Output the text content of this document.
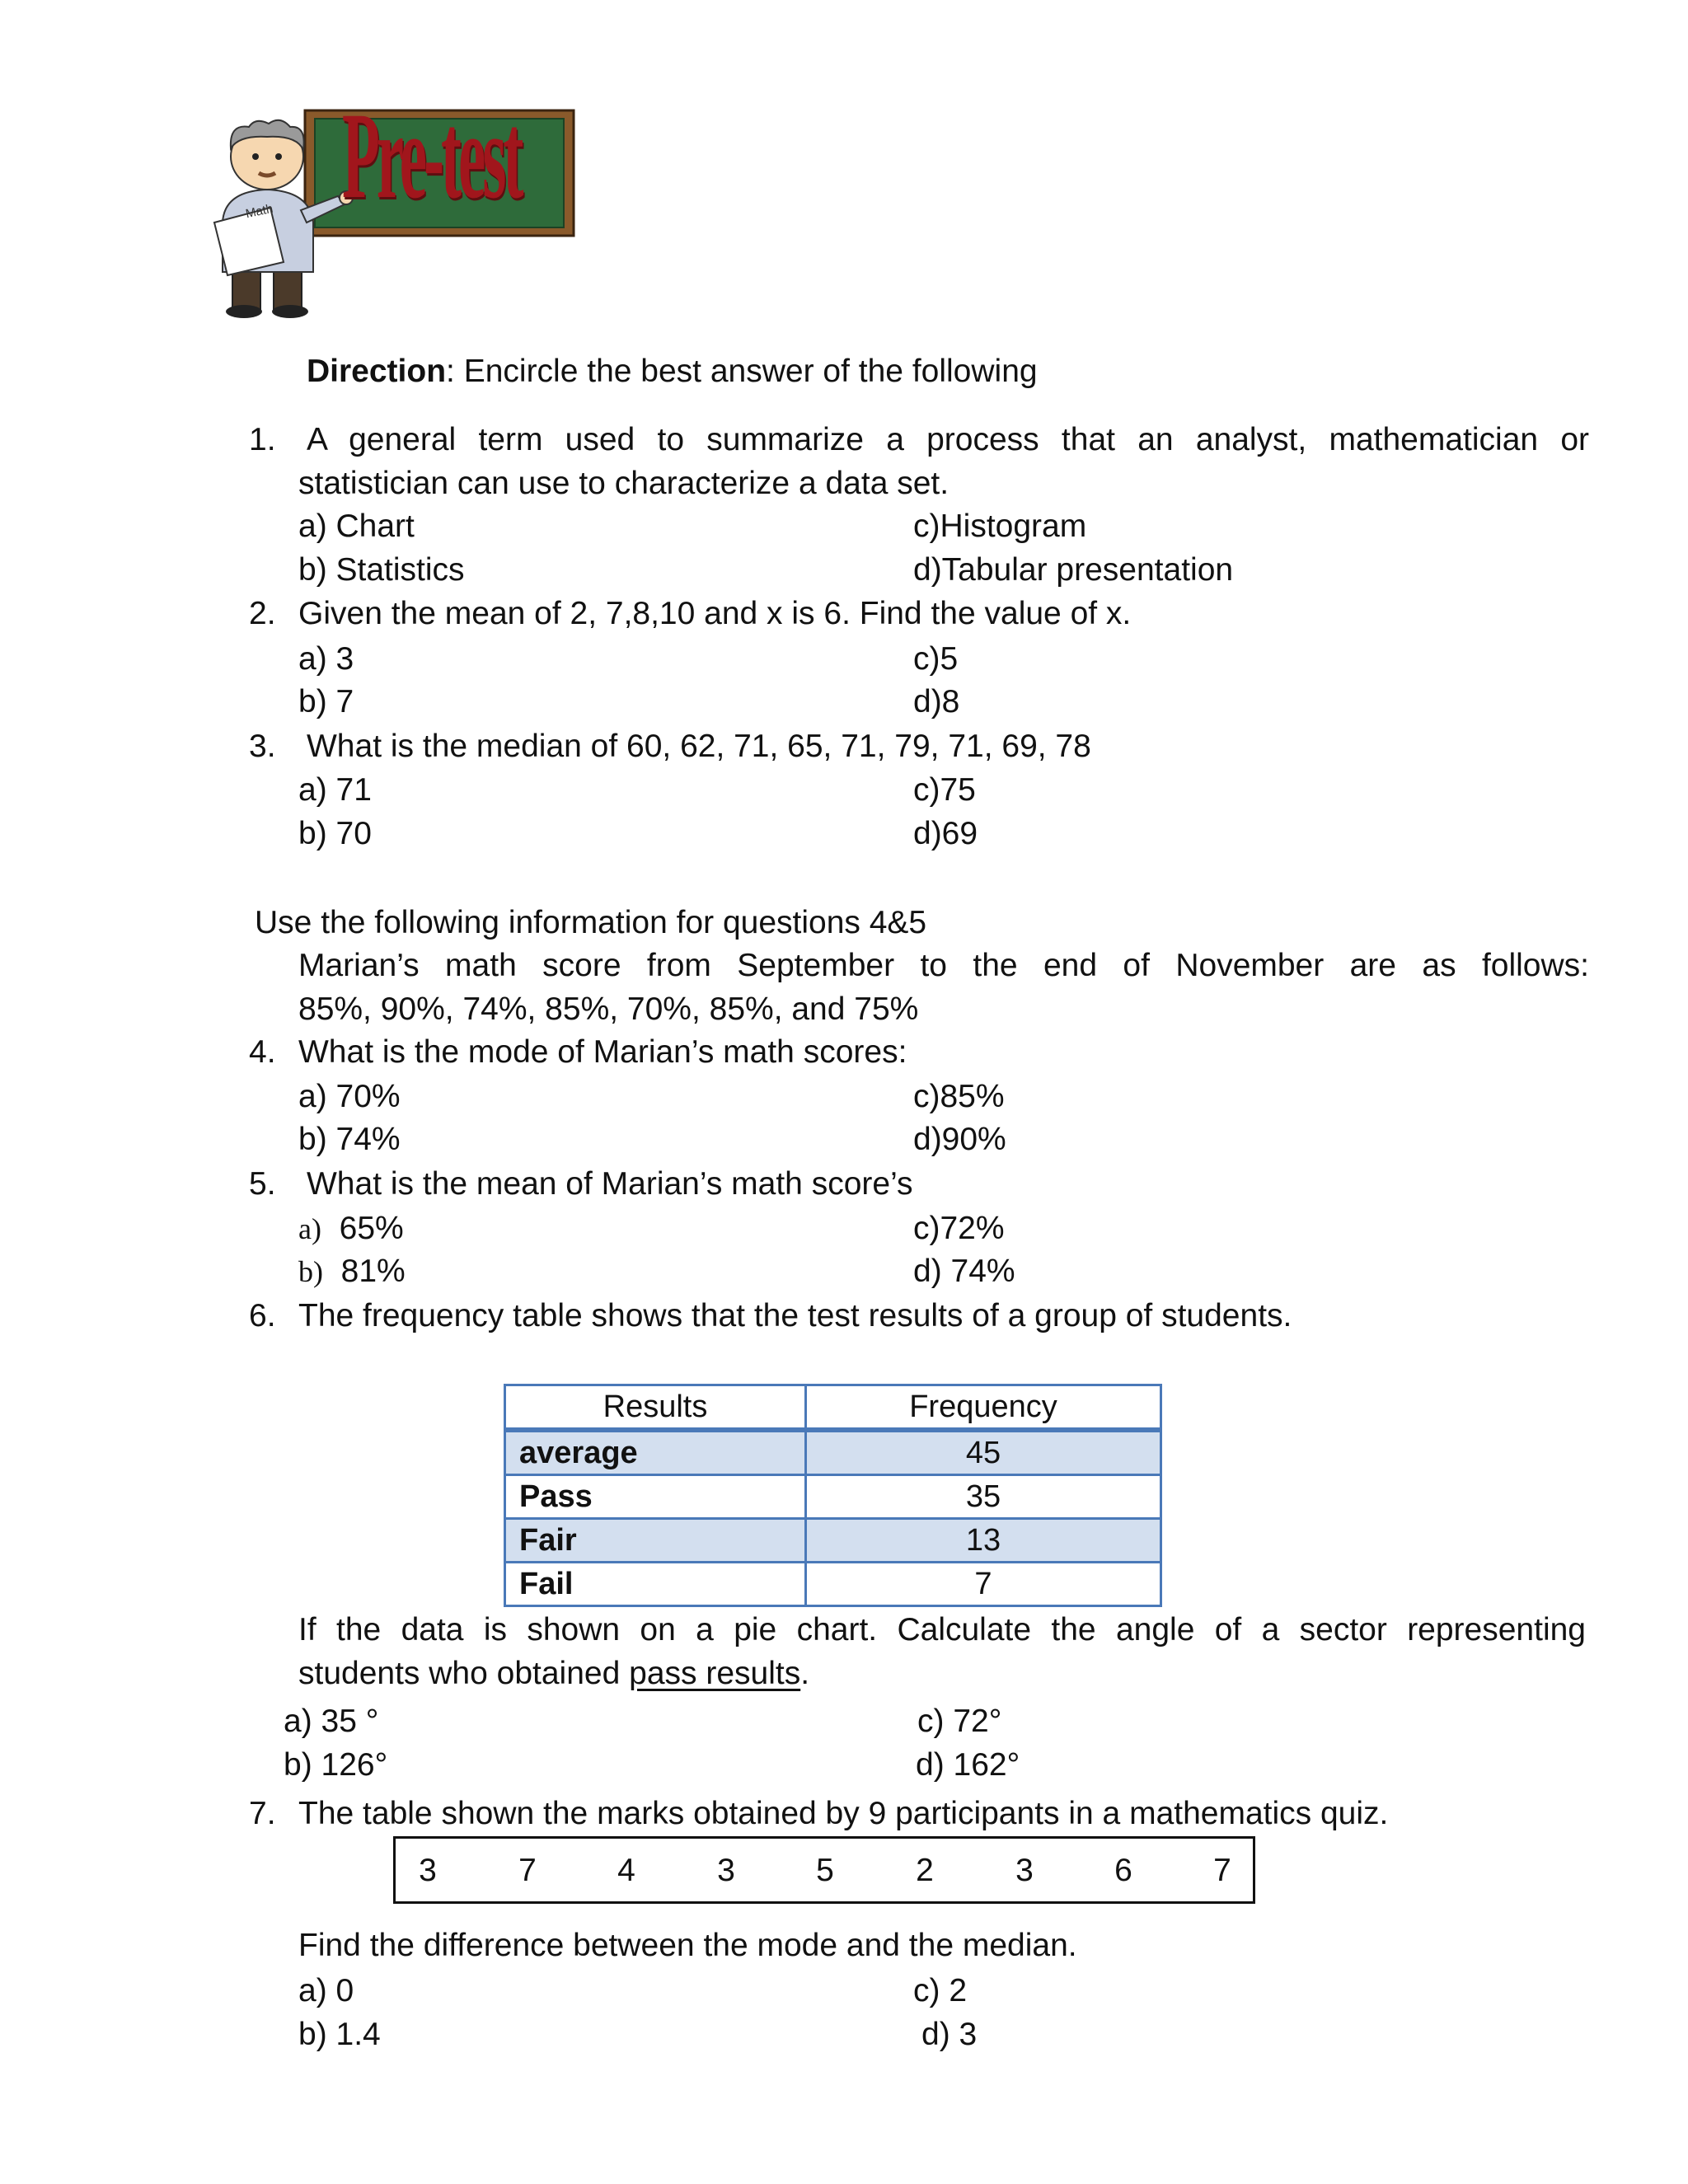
Pre-test
Math
Direction: Encircle the best answer of the following
1. A general term used to summarize a process that an analyst, mathematician or
statistician can use to characterize a data set.
a) Chart
b) Statistics
c)Histogram
d)Tabular presentation
2. Given the mean of 2, 7,8,10 and x is 6. Find the value of x.
a) 3
b) 7
c)5
d)8
3. What is the median of 60, 62, 71, 65, 71, 79, 71, 69, 78
a) 71
b) 70
c)75
d)69
Use the following information for questions 4&5
Marian’s math score from September to the end of November are as follows:
85%, 90%, 74%, 85%, 70%, 85%, and 75%
4. What is the mode of Marian’s math scores:
a) 70%
b) 74%
c)85%
d)90%
5. What is the mean of Marian’s math score’s
a) 65%
b) 81%
c)72%
d) 74%
6. The frequency table shows that the test results of a group of students.
Results	Frequency
average	45
Pass	35
Fair	13
Fail	7
If the data is shown on a pie chart. Calculate the angle of a sector representing
students who obtained pass results.
a) 35 °
b) 126°
c) 72°
d) 162°
7. The table shown the marks obtained by 9 participants in a mathematics quiz.
3	7	4	3	5	2	3	6	7
Find the difference between the mode and the median.
a) 0
b) 1.4
c) 2
d) 3
